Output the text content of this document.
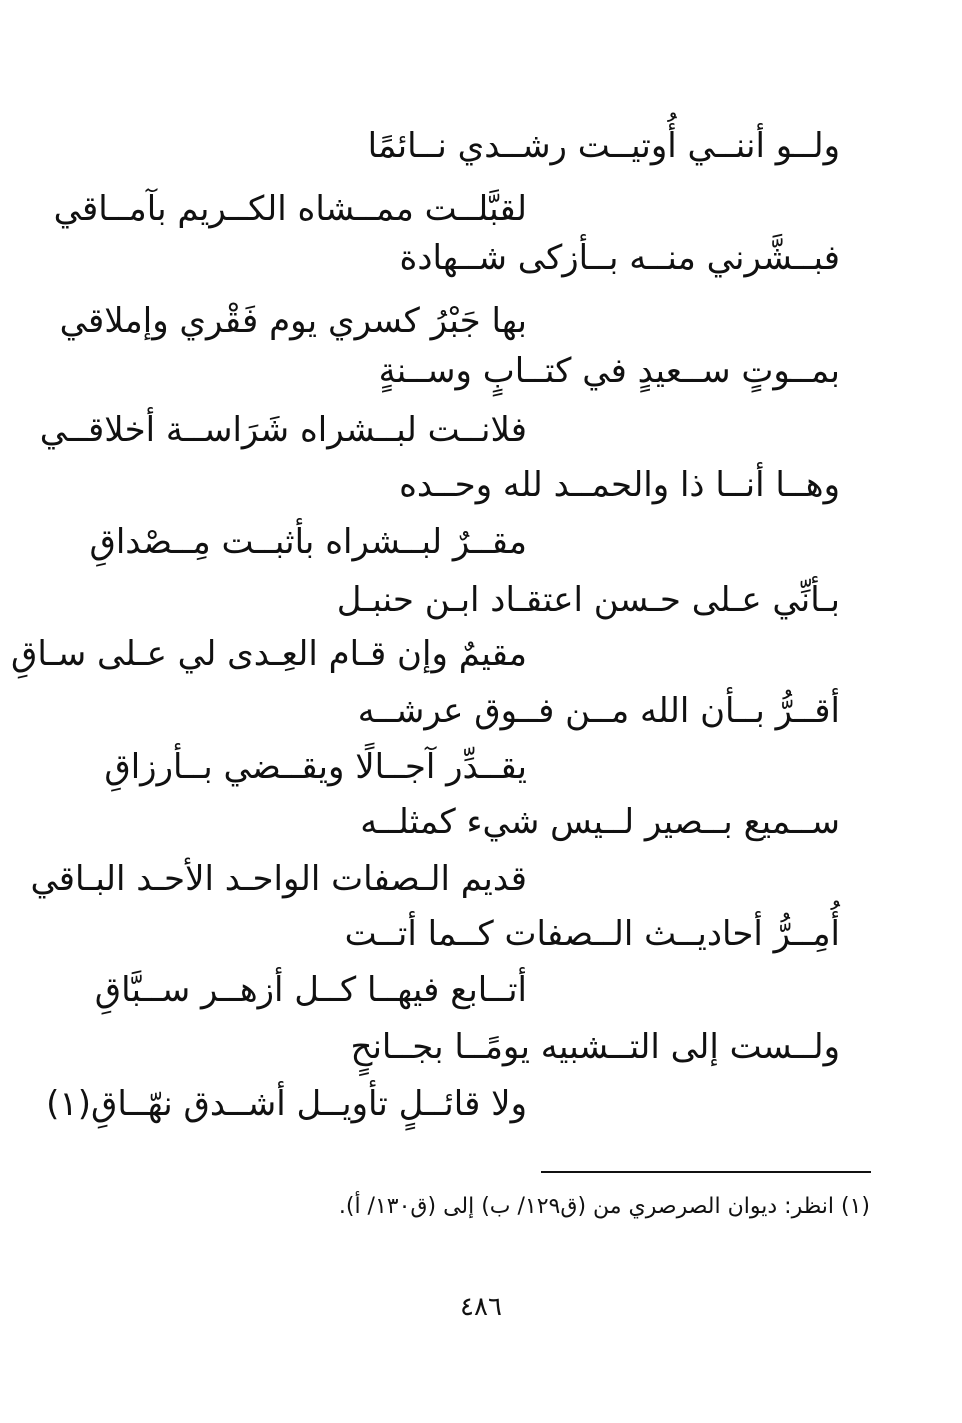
ولــو أننــي أُوتيــت رشــدي نــائمًا
لقبَّلــت ممــشاه الكــريم بآمــاقي
فبــشَّرني منــه بــأزكى شــهادة
بها جَبْرُ كسري يوم فَقْري وإملاقي
بمــوتٍ ســعيدٍ في كتــابٍ وســنةٍ
فلانــت لبــشراه شَرَاســة أخلاقــي
وهــا أنــا ذا والحمــد لله وحــده
مقــرٌ لبــشراه بأثبــت مِــصْداقِ
بـأنِّي عـلى حـسن اعتقـاد ابـن حنبـل
مقيمٌ وإن قـام العِـدى لي عـلى سـاقِ
أقــرُّ بــأن الله مــن فــوق عرشــه
يقــدِّر آجــالًا ويقــضي بــأرزاقِ
ســميع بــصير لــيس شيء كمثلــه
قديم الـصفات الواحـد الأحـد البـاقي
أُمِــرُّ أحاديــث الــصفات كــما أتــت
أتــابع فيهــا كــل أزهــر ســبَّاقِ
ولــست إلى التــشبيه يومًــا بجــانحٍ
ولا قائــلٍ تأويــل أشــدق نهّــاقِ(١)
(١) انظر: ديوان الصرصري من (ق١٢٩/ ب) إلى (ق١٣٠/ أ).
٤٨٦
